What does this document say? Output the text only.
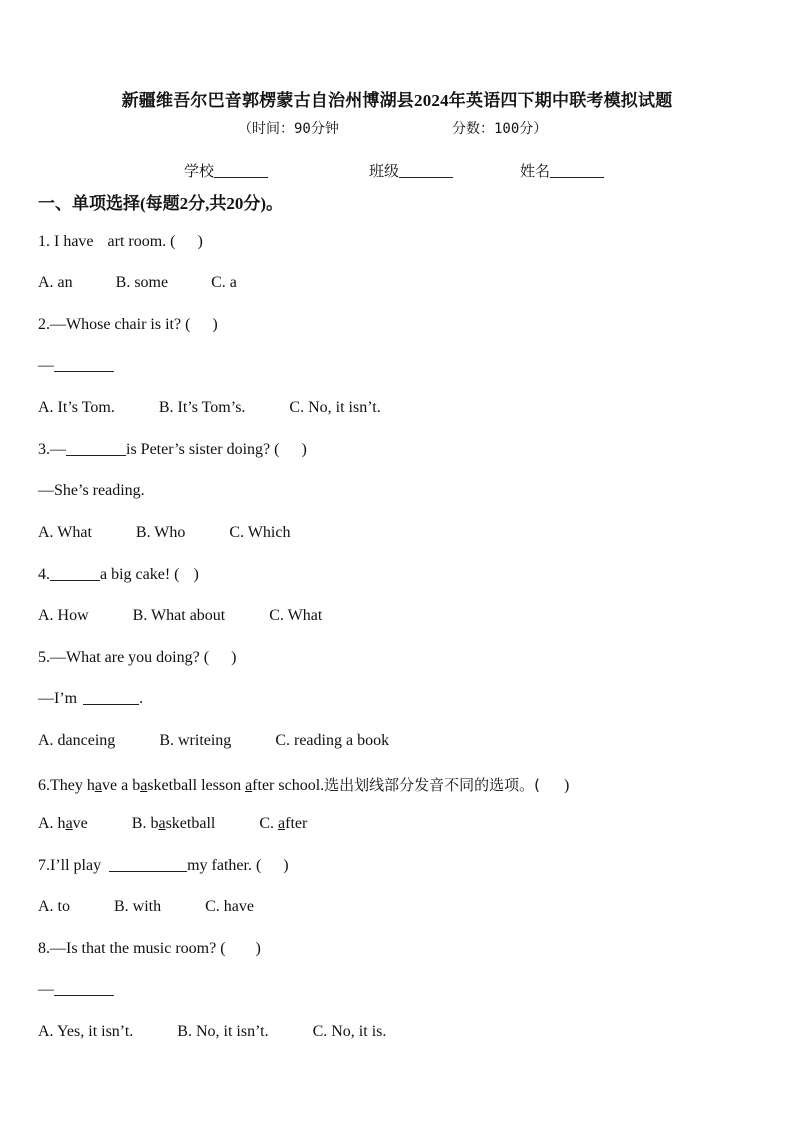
新疆维吾尔巴音郭楞蒙古自治州博湖县2024年英语四下期中联考模拟试题
（时间：90分钟	分数：100分）
学校	班级	姓名
一、单项选择(每题2分,共20分)。
1. I have art room. ( )
A. an	B. some	C. a
2.—Whose chair is it? ( )
—
A. It’s Tom.	B. It’s Tom’s.	C. No, it isn’t.
3.—	is Peter’s sister doing? ( )
—She’s reading.
A. What	B. Who	C. Which
4.	a big cake! ( )
A. How	B. What about	C. What
5.—What are you doing? ( )
—I’m	.
A. danceing	B. writeing	C. reading a book
6.They have a basketball lesson after school.选出划线部分发音不同的选项。( )
A. have	B. basketball	C. after
7.I’ll play	my father. ( )
A. to	B. with	C. have
8.—Is that the music room? ( )
—
A. Yes, it isn’t.	B. No, it isn’t.	C. No, it is.
